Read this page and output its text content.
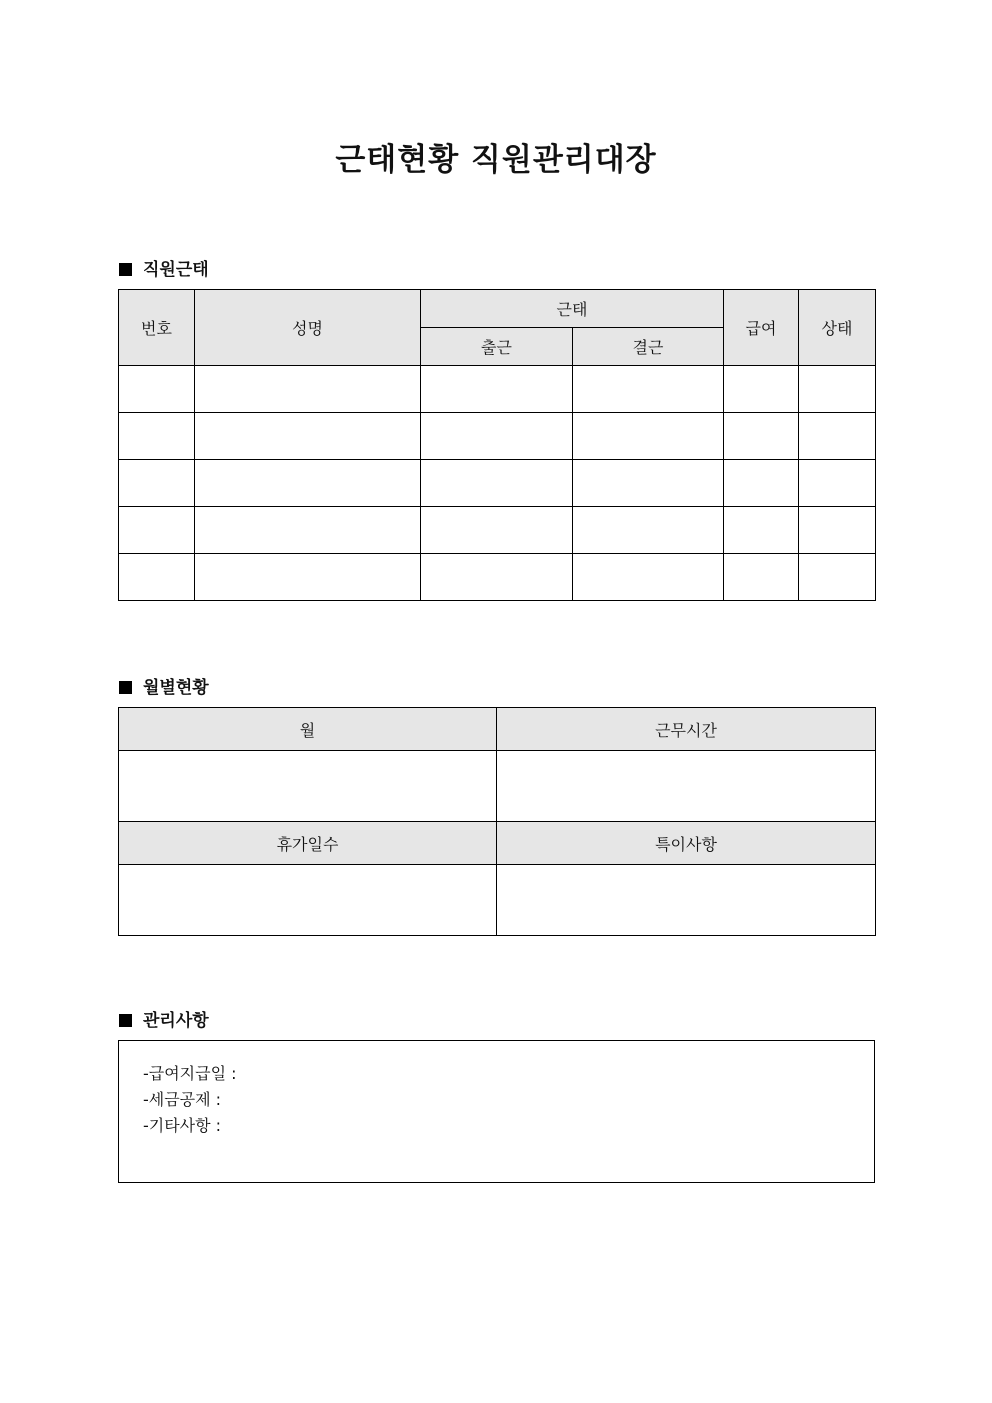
근태현황 직원관리대장
직원근태
번호	성명	근태		급여	상태
		출근	결근		

월별현황
월	근무시간

휴가일수	특이사항

관리사항
-급여지급일 :
-세금공제 :
-기타사항 :
